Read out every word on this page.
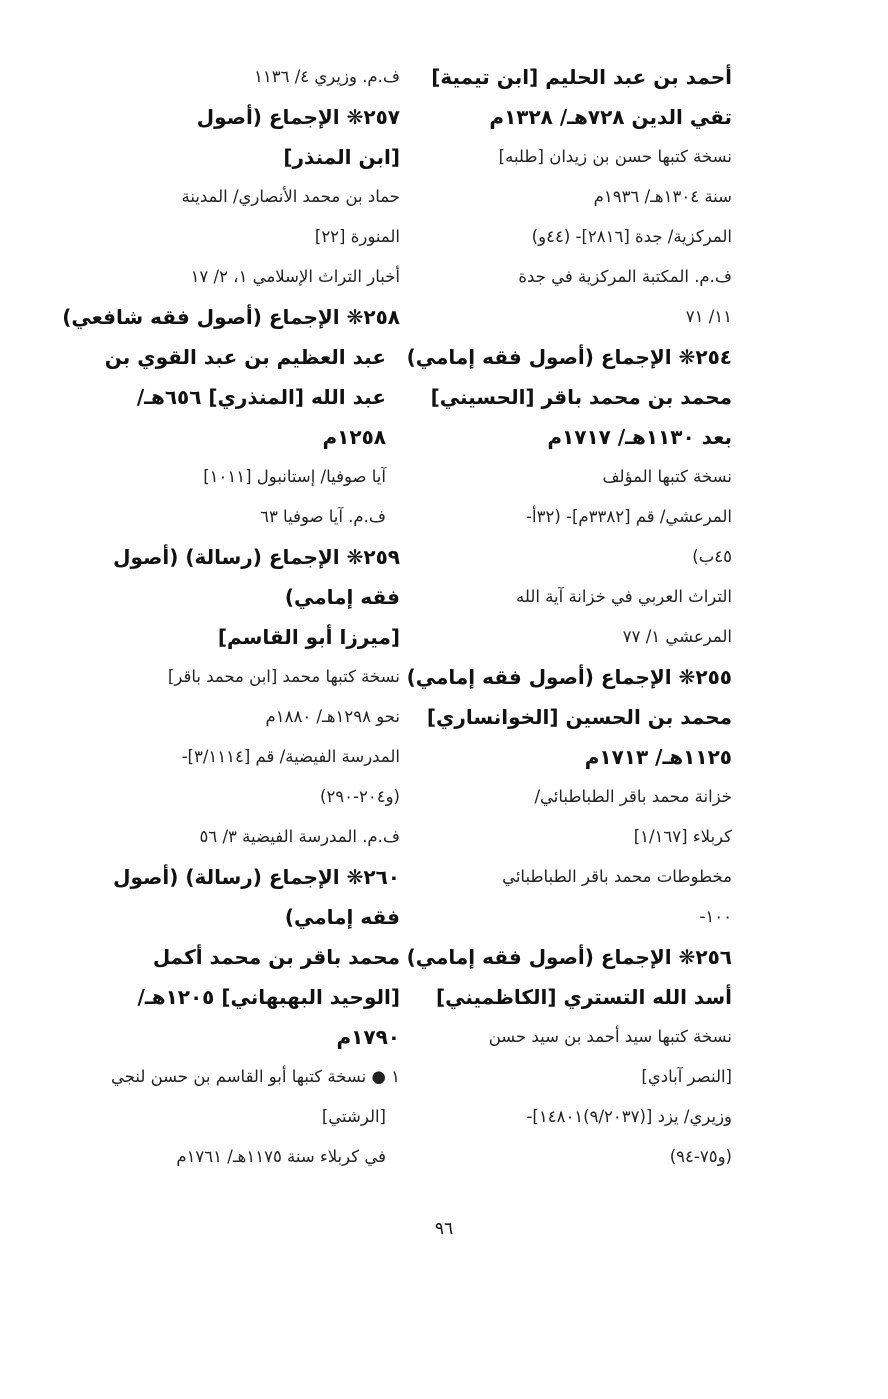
أحمد بن عبد الحليم [ابن تيمية]
تقي الدين ٧٢٨هـ/ ١٣٢٨م
نسخة كتبها حسن بن زيدان [طلبه]
سنة ١٣٠٤هـ/ ١٩٣٦م
المركزية/ جدة [٢٨١٦]- (٤٤و)
ف.م. المكتبة المركزية في جدة
١١/ ٧١
٢٥٤❋ الإجماع (أصول فقه إمامي)
محمد بن محمد باقر [الحسيني]
بعد ١١٣٠هـ/ ١٧١٧م
نسخة كتبها المؤلف
المرعشي/ قم [٣٣٨٢م]- (٣٢أ-
٤٥ب)
التراث العربي في خزانة آية الله
المرعشي ١/ ٧٧
٢٥٥❋ الإجماع (أصول فقه إمامي)
محمد بن الحسين [الخوانساري]
١١٢٥هـ/ ١٧١٣م
خزانة محمد باقر الطباطبائي/
كربلاء [١/١٦٧]
مخطوطات محمد باقر الطباطبائي
١٠٠-
٢٥٦❋ الإجماع (أصول فقه إمامي)
أسد الله التستري [الكاظميني]
نسخة كتبها سيد أحمد بن سيد حسن
[النصر آبادي]
وزيري/ يزد [(٩/٢٠٣٧)١٤٨٠١]-
(و٧٥-٩٤)
ف.م. وزيري ٤/ ١١٣٦
٢٥٧❋ الإجماع (أصول
[ابن المنذر]
حماد بن محمد الأنصاري/ المدينة
المنورة [٢٢]
أخبار التراث الإسلامي ١، ٢/ ١٧
٢٥٨❋ الإجماع (أصول فقه شافعي)
عبد العظيم بن عبد القوي بن
عبد الله [المنذري] ٦٥٦هـ/
١٢٥٨م
آيا صوفيا/ إستانبول [١٠١١]
ف.م. آيا صوفيا ٦٣
٢٥٩❋ الإجماع (رسالة) (أصول
فقه إمامي)
[ميرزا أبو القاسم]
نسخة كتبها محمد [ابن محمد باقر]
نحو ١٢٩٨هـ/ ١٨٨٠م
المدرسة الفيضية/ قم [٣/١١١٤]-
(و٢٠٤-٢٩٠)
ف.م. المدرسة الفيضية ٣/ ٥٦
٢٦٠❋ الإجماع (رسالة) (أصول
فقه إمامي)
محمد باقر بن محمد أكمل
[الوحيد البهبهاني] ١٢٠٥هـ/
١٧٩٠م
١ ● نسخة كتبها أبو القاسم بن حسن لنجي
[الرشتي]
في كربلاء سنة ١١٧٥هـ/ ١٧٦١م
٩٦
